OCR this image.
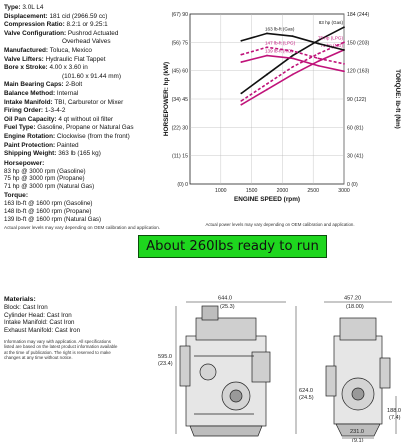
Type: 3.0L L4
Displacement: 181 cid (2966.59 cc)
Compression Ratio: 8.2:1 or 9.25:1
Valve Configuration: Pushrod Actuated
Overhead Valves
Manufactured: Toluca, Mexico
Valve Lifters: Hydraulic Flat Tappet
Bore x Stroke: 4.00 x 3.60 in
(101.60 x 91.44 mm)
Main Bearing Caps: 2-Bolt
Balance Method: Internal
Intake Manifold: TBI, Carburetor or Mixer
Firing Order: 1-3-4-2
Oil Pan Capacity: 4 qt without oil filter
Fuel Type: Gasoline, Propane or Natural Gas
Engine Rotation: Clockwise (from the front)
Paint Protection: Painted
Shipping Weight: 363 lb (165 kg)
Horsepower:
83 hp @ 3000 rpm (Gasoline)
75 hp @ 3000 rpm (Propane)
71 hp @ 3000 rpm (Natural Gas)
Torque:
163 lb-ft @ 1600 rpm (Gasoline)
148 lb-ft @ 1600 rpm (Propane)
139 lb-ft @ 1600 rpm (Natural Gas)
Actual power levels may vary depending on OEM calibration and application.
Materials:
Block: Cast Iron
Cylinder Head: Cast Iron
Intake Manifold: Cast Iron
Exhaust Manifold: Cast Iron
Information may vary with application. All specifications listed are based on the latest product information available at the time of publication. The right is reserved to make changes at any time without notice.
(0) 0
(11) 15
(22) 30
(34) 45
(45) 60
(56) 75
(67) 90
0 (0)
30 (41)
60 (81)
90 (122)
120 (163)
150 (203)
184 (244)
1000	1500	2000	2500	3000
ENGINE SPEED (rpm)
HORSEPOWER: hp (kW)	TORQUE: lb-ft (Nm)
83 hp (Gas)
75 hp (LPG)
71 hp (NG)
163 lb-ft (Gas)
147 lb-ft (LPG)
139 lb-ft (NG)
Actual power levels may vary depending on OEM calibration and application.
About 260lbs ready to run
644.0
(25.3)
457.20
(18.00)
595.0
(23.4)
624.0
(24.5)
188.0
(7.4)
231.0
(9.1)
